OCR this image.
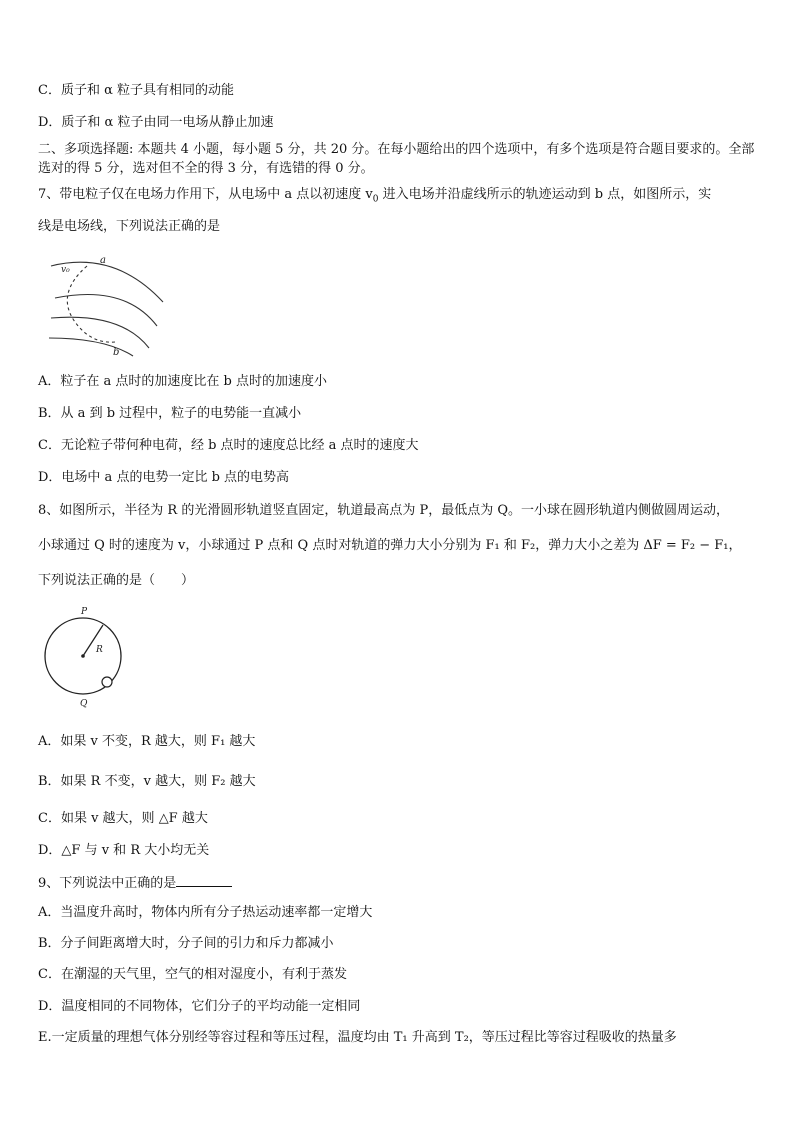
C．质子和 α 粒子具有相同的动能
D．质子和 α 粒子由同一电场从静止加速
二、多项选择题: 本题共 4 小题，每小题 5 分，共 20 分。在每小题给出的四个选项中，有多个选项是符合题目要求的。全部选对的得 5 分，选对但不全的得 3 分，有选错的得 0 分。
7、带电粒子仅在电场力作用下，从电场中 a 点以初速度 $v_0$ 进入电场并沿虚线所示的轨迹运动到 b 点，如图所示，实
线是电场线，下列说法正确的是
v₀
a
b
A．粒子在 a 点时的加速度比在 b 点时的加速度小
B．从 a 到 b 过程中，粒子的电势能一直减小
C．无论粒子带何种电荷，经 b 点时的速度总比经 a 点时的速度大
D．电场中 a 点的电势一定比 b 点的电势高
8、如图所示，半径为 R 的光滑圆形轨道竖直固定，轨道最高点为 P，最低点为 Q。一小球在圆形轨道内侧做圆周运动，
小球通过 Q 时的速度为 v，小球通过 P 点和 Q 点时对轨道的弹力大小分别为 F₁ 和 F₂，弹力大小之差为 ΔF = F₂ − F₁，
下列说法正确的是（　　）
P
R
Q
A．如果 v 不变，R 越大，则 F₁ 越大
B．如果 R 不变，v 越大，则 F₂ 越大
C．如果 v 越大，则 △F 越大
D．△F 与 v 和 R 大小均无关
9、下列说法中正确的是
A．当温度升高时，物体内所有分子热运动速率都一定增大
B．分子间距离增大时，分子间的引力和斥力都减小
C．在潮湿的天气里，空气的相对湿度小，有利于蒸发
D．温度相同的不同物体，它们分子的平均动能一定相同
E.一定质量的理想气体分别经等容过程和等压过程，温度均由 T₁ 升高到 T₂，等压过程比等容过程吸收的热量多
